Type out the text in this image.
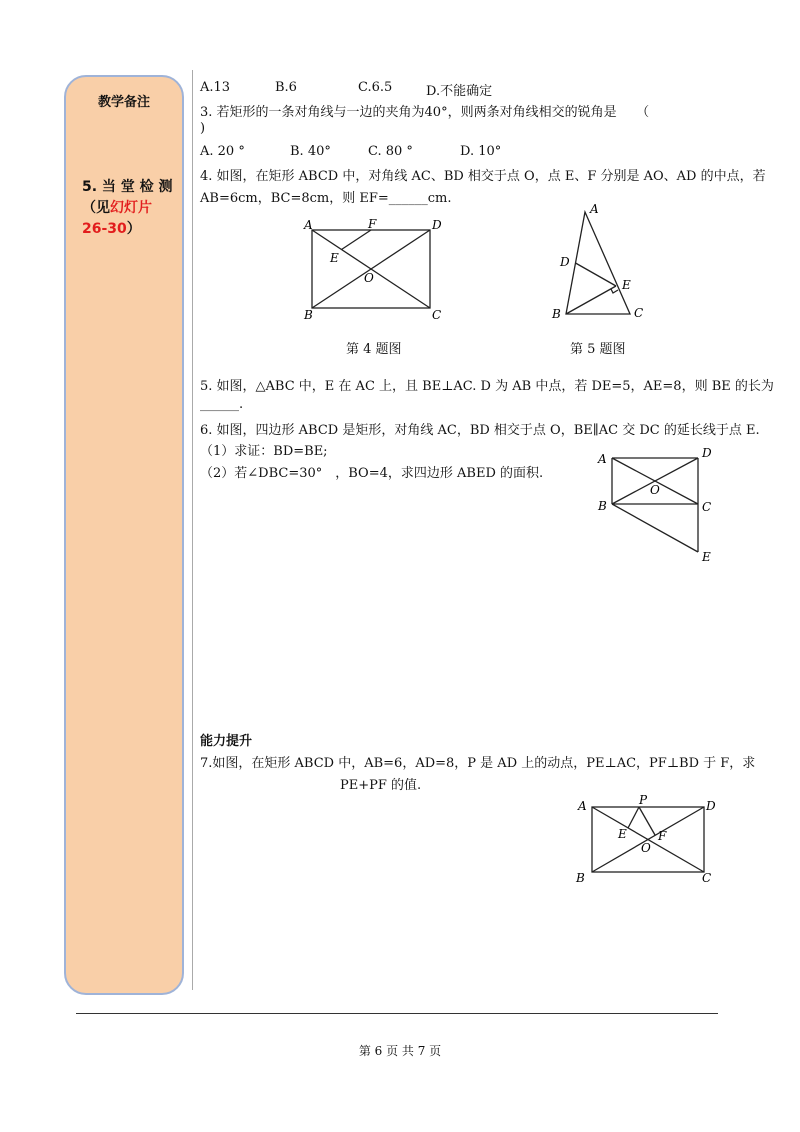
教学备注
5. 当 堂 检 测（见幻灯片 26-30）
A.13	B.6	C.6.5	D.不能确定
3. 若矩形的一条对角线与一边的夹角为40°，则两条对角线相交的锐角是　　（
)
A. 20 °	B. 40°	C. 80 °	D. 10°
4. 如图，在矩形 ABCD 中，对角线 AC、BD 相交于点 O，点 E、F 分别是 AO、AD 的中点，若
AB=6cm，BC=8cm，则 EF=______cm.
A	F	D
E
O
B	C
第 4 题图
A
D
E
B	C
第 5 题图
5. 如图，△ABC 中，E 在 AC 上，且 BE⊥AC. D 为 AB 中点，若 DE=5，AE=8，则 BE 的长为
______.
6. 如图，四边形 ABCD 是矩形，对角线 AC，BD 相交于点 O，BE∥AC 交 DC 的延长线于点 E.
（1）求证：BD=BE;
（2）若∠DBC=30°　，BO=4，求四边形 ABED 的面积.
A	D
O
B	C
E
能力提升
7.如图，在矩形 ABCD 中，AB=6，AD=8，P 是 AD 上的动点，PE⊥AC，PF⊥BD 于 F，求
PE+PF 的值.
A	P	D
E	F
O
B	C
第 6 页 共 7 页
